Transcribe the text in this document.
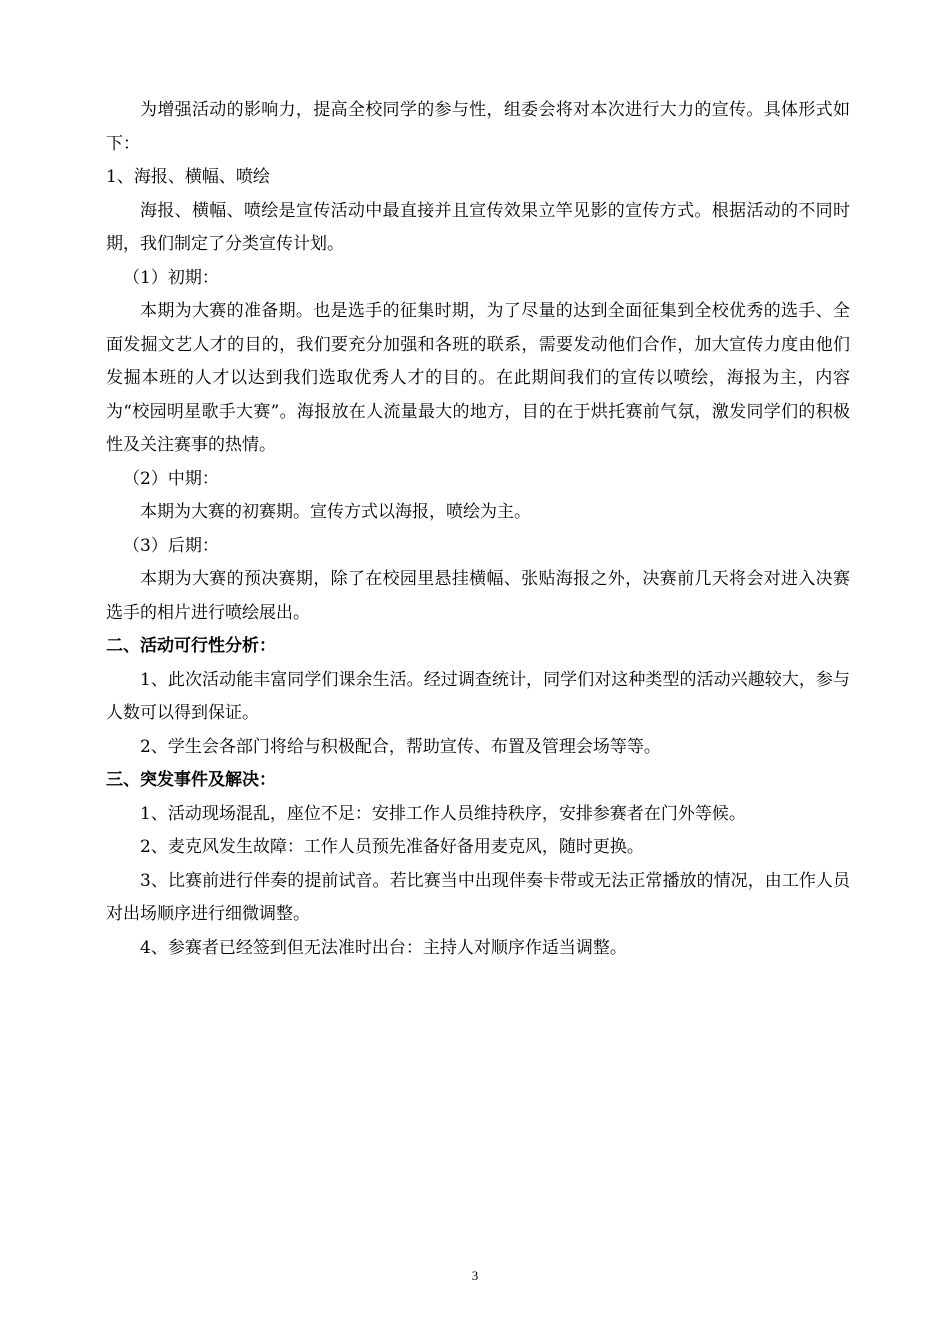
为增强活动的影响力，提高全校同学的参与性，组委会将对本次进行大力的宣传。具体形式如下：

1、海报、横幅、喷绘

海报、横幅、喷绘是宣传活动中最直接并且宣传效果立竿见影的宣传方式。根据活动的不同时期，我们制定了分类宣传计划。

（1）初期：

本期为大赛的准备期。也是选手的征集时期，为了尽量的达到全面征集到全校优秀的选手、全面发掘文艺人才的目的，我们要充分加强和各班的联系，需要发动他们合作，加大宣传力度由他们发掘本班的人才以达到我们选取优秀人才的目的。在此期间我们的宣传以喷绘，海报为主，内容为“校园明星歌手大赛”。海报放在人流量最大的地方，目的在于烘托赛前气氛，激发同学们的积极性及关注赛事的热情。

（2）中期：

本期为大赛的初赛期。宣传方式以海报，喷绘为主。

（3）后期：

本期为大赛的预决赛期，除了在校园里悬挂横幅、张贴海报之外，决赛前几天将会对进入决赛选手的相片进行喷绘展出。

二、活动可行性分析：

1、此次活动能丰富同学们课余生活。经过调查统计，同学们对这种类型的活动兴趣较大，参与人数可以得到保证。

2、学生会各部门将给与积极配合，帮助宣传、布置及管理会场等等。

三、突发事件及解决：

1、活动现场混乱，座位不足：安排工作人员维持秩序，安排参赛者在门外等候。

2、麦克风发生故障：工作人员预先准备好备用麦克风，随时更换。

3、比赛前进行伴奏的提前试音。若比赛当中出现伴奏卡带或无法正常播放的情况，由工作人员对出场顺序进行细微调整。

4、参赛者已经签到但无法准时出台：主持人对顺序作适当调整。

3
